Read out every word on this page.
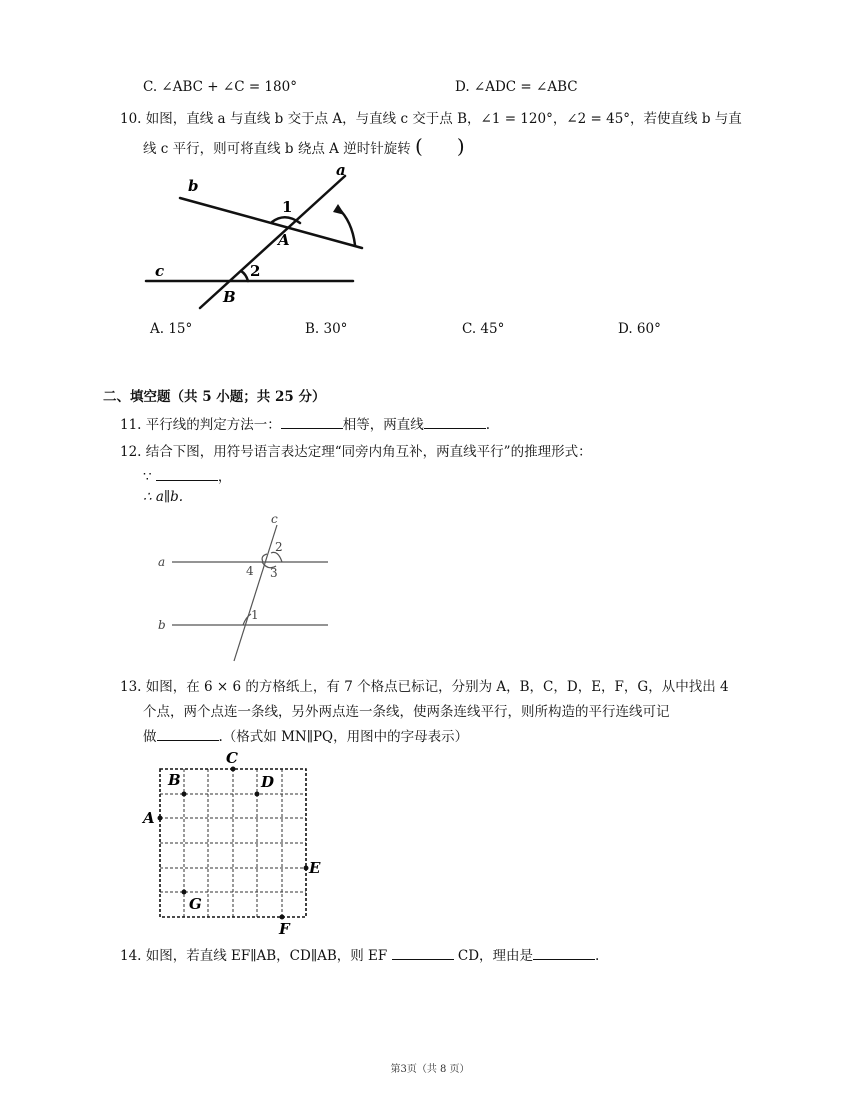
C. ∠ABC + ∠C = 180°	D. ∠ADC = ∠ABC
10. 如图，直线 a 与直线 b 交于点 A，与直线 c 交于点 B，∠1 = 120°，∠2 = 45°，若使直线 b 与直
线 c 平行，则可将直线 b 绕点 A 逆时针旋转 ( )
a
b
c
1
2
A
B
A. 15°	B. 30°	C. 45°	D. 60°
二、填空题（共 5 小题；共 25 分）
11. 平行线的判定方法一：	相等，两直线	.
12. 结合下图，用符号语言表达定理“同旁内角互补，两直线平行”的推理形式：
∵	，
∴ a∥b.
a
b
c
2
3
4
1
13. 如图，在 6 × 6 的方格纸上，有 7 个格点已标记，分别为 A，B，C，D，E，F，G，从中找出 4
个点，两个点连一条线，另外两点连一条线，使两条连线平行，则所构造的平行连线可记
做	.（格式如 MN∥PQ，用图中的字母表示）
A
B
C
D
E
F
G
14. 如图，若直线 EF∥AB，CD∥AB，则 EF	CD，理由是	.
第3页（共 8 页）
